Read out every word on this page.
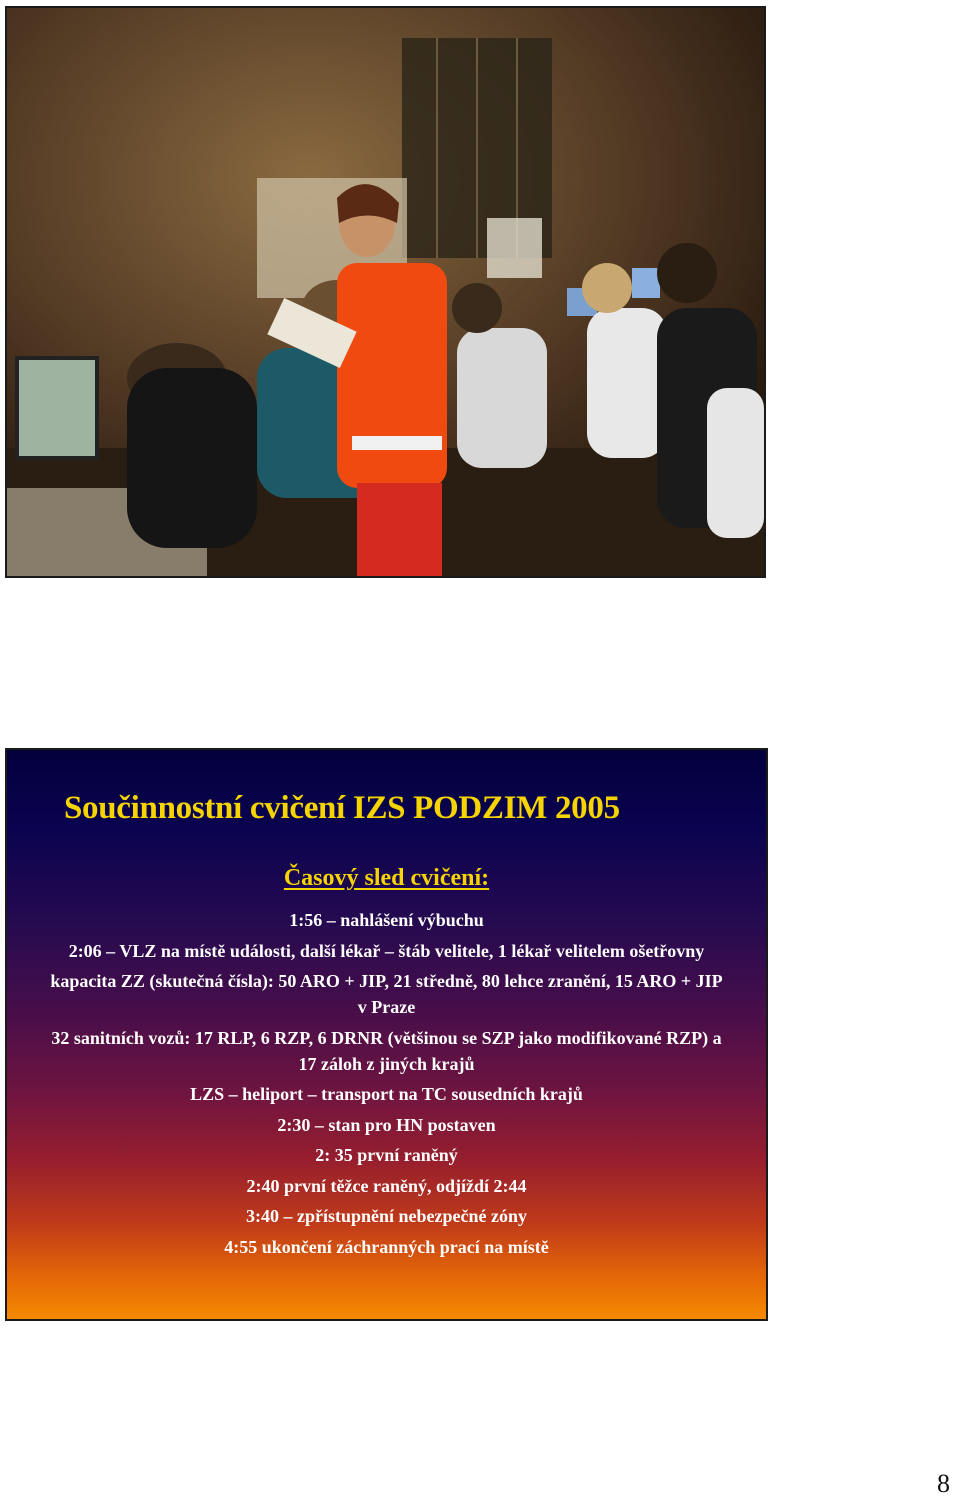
Součinnostní cvičení IZS PODZIM 2005
Časový sled cvičení:
1:56 – nahlášení výbuchu
2:06 – VLZ na místě události, další lékař – štáb velitele, 1 lékař velitelem ošetřovny
kapacita ZZ (skutečná čísla): 50 ARO + JIP, 21 středně, 80 lehce zranění, 15 ARO + JIP v Praze
32 sanitních vozů: 17 RLP, 6 RZP, 6 DRNR (většinou se SZP jako modifikované RZP) a 17 záloh z jiných krajů
LZS – heliport – transport na TC sousedních krajů
2:30 – stan pro HN postaven
2: 35 první raněný
2:40 první těžce raněný, odjíždí 2:44
3:40 – zpřístupnění nebezpečné zóny
4:55 ukončení záchranných prací na místě
8
